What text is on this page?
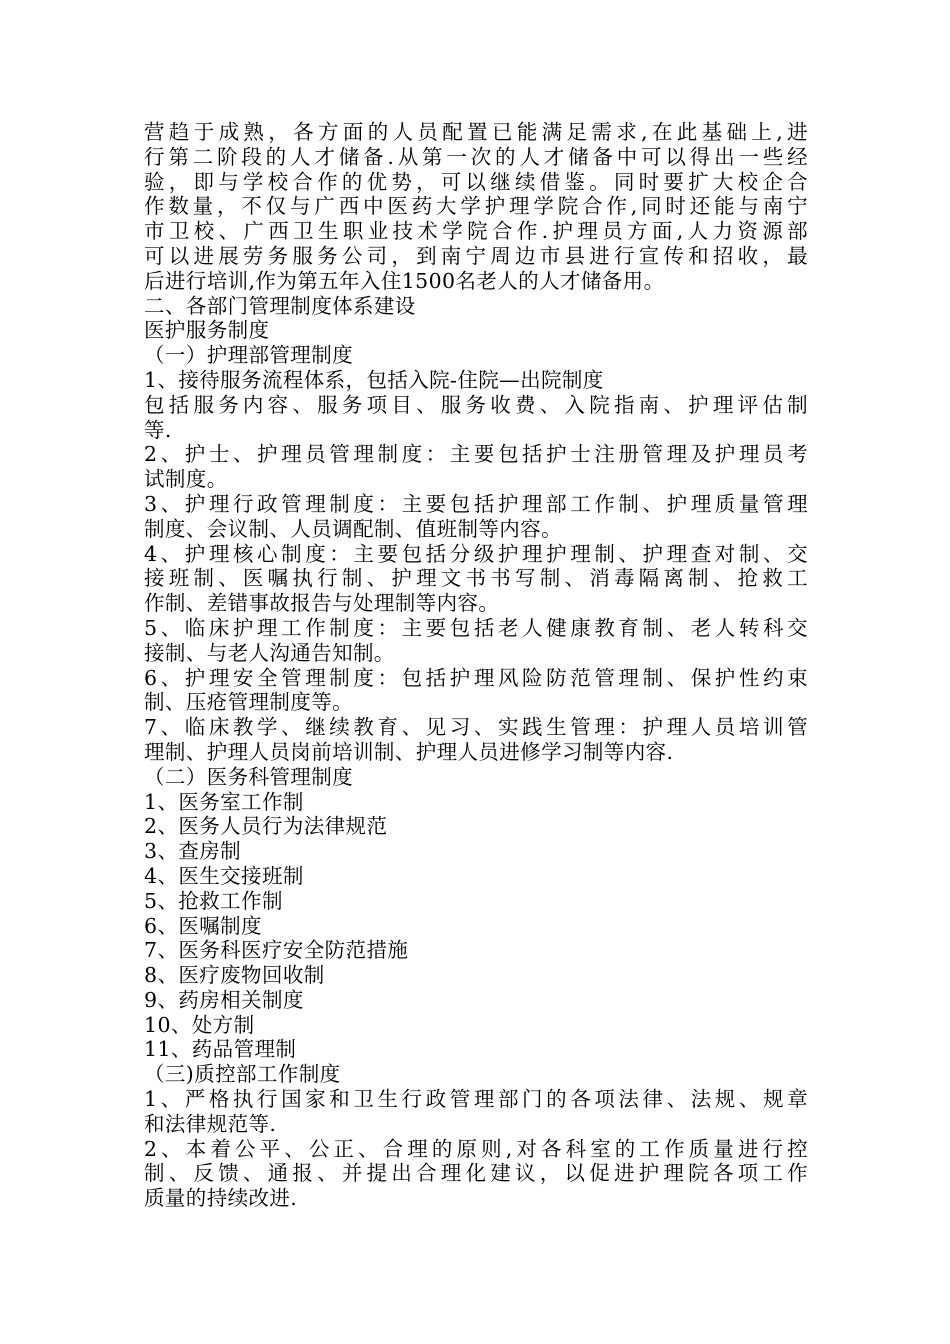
营趋于成熟，各方面的人员配置已能满足需求,在此基础上,进
行第二阶段的人才储备.从第一次的人才储备中可以得出一些经
验，即与学校合作的优势，可以继续借鉴。同时要扩大校企合
作数量，不仅与广西中医药大学护理学院合作,同时还能与南宁
市卫校、广西卫生职业技术学院合作.护理员方面,人力资源部
可以进展劳务服务公司，到南宁周边市县进行宣传和招收，最
后进行培训,作为第五年入住1500名老人的人才储备用。
二、各部门管理制度体系建设
医护服务制度
（一）护理部管理制度
1、接待服务流程体系，包括入院-住院—出院制度
包括服务内容、服务项目、服务收费、入院指南、护理评估制
等.
2、护士、护理员管理制度：主要包括护士注册管理及护理员考
试制度。
3、护理行政管理制度：主要包括护理部工作制、护理质量管理
制度、会议制、人员调配制、值班制等内容。
4、护理核心制度：主要包括分级护理护理制、护理查对制、交
接班制、医嘱执行制、护理文书书写制、消毒隔离制、抢救工
作制、差错事故报告与处理制等内容。
5、临床护理工作制度：主要包括老人健康教育制、老人转科交
接制、与老人沟通告知制。
6、护理安全管理制度：包括护理风险防范管理制、保护性约束
制、压疮管理制度等。
7、临床教学、继续教育、见习、实践生管理：护理人员培训管
理制、护理人员岗前培训制、护理人员进修学习制等内容.
（二）医务科管理制度
1、医务室工作制
2、医务人员行为法律规范
3、查房制
4、医生交接班制
5、抢救工作制
6、医嘱制度
7、医务科医疗安全防范措施
8、医疗废物回收制
9、药房相关制度
10、处方制
11、药品管理制
（三)质控部工作制度
1、严格执行国家和卫生行政管理部门的各项法律、法规、规章
和法律规范等.
2、本着公平、公正、合理的原则,对各科室的工作质量进行控
制、反馈、通报、并提出合理化建议，以促进护理院各项工作
质量的持续改进.
